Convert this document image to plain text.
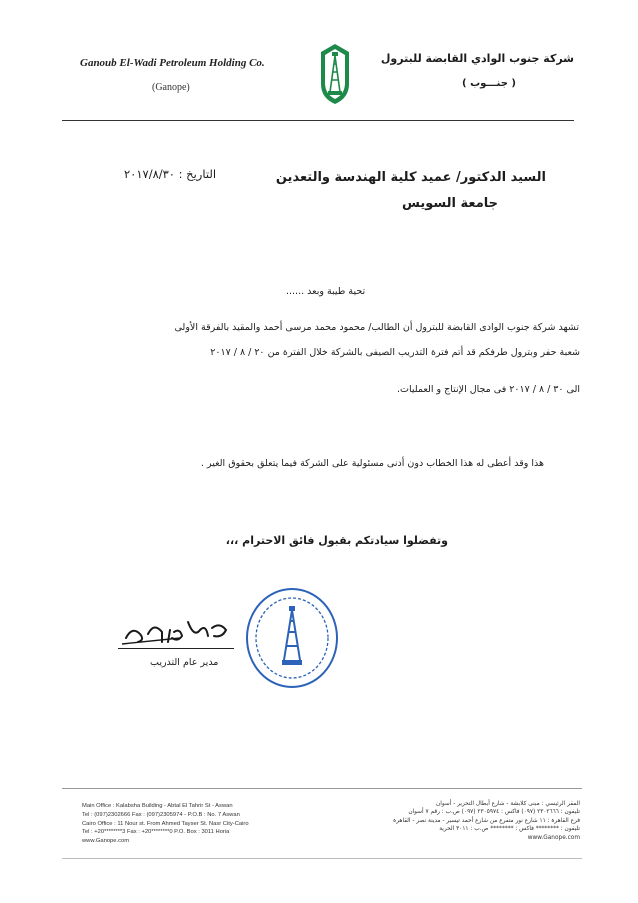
Ganoub El-Wadi Petroleum Holding Co.
(Ganope)
شركة جنوب الوادي القابضة للبترول
( جنـــوب )
السيد الدكتور/ عميد كلية الهندسة والتعدين
جامعة السويس
التاريخ : ٢٠١٧/٨/٣٠
تحية طيبة وبعد ......
تشهد شركة جنوب الوادى القابضة للبترول أن الطالب/ محمود محمد مرسى أحمد والمقيد بالفرقة الأولى
شعبة حفر وبترول طرفكم قد أتم فترة التدريب الصيفى بالشركة خلال الفترة من ٢٠ / ٨ / ٢٠١٧
الى ٣٠ / ٨ / ٢٠١٧ فى مجال الإنتاج و العمليات.
هذا وقد أعطى له هذا الخطاب دون أدنى مسئولية على الشركة فيما يتعلق بحقوق الغير .
وتفضلوا سيادتكم بقبول فائق الاحترام ،،،
مدير عام التدريب
Main Office : Kalabsha Building - Abtal El Tahrir St - Aswan
Tel : (097)2302666 Fax : (097)2305974 - P.O.B : No. 7 Aswan
Cairo Office : 11 Nour st. From Ahmed Tayser St. Nasr City-Cairo
Tel : +20********3 Fax : +20********0 P.O. Box : 3011 Horia
www.Ganope.com
المقر الرئيسي : مبنى كلابشة - شارع أبطال التحرير - أسوان
تليفون : ٢٣٠٢٦٦٦ (٠٩٧) فاكس : ٢٣٠٥٩٧٤ (٠٩٧) ص.ب : رقم ٧ أسوان
فرع القاهرة : ١١ شارع نور متفرع من شارع أحمد تيسير - مدينة نصر - القاهرة
تليفون : ******** فاكس : ******** ص.ب : ٣٠١١ الحرية
www.Ganope.com
